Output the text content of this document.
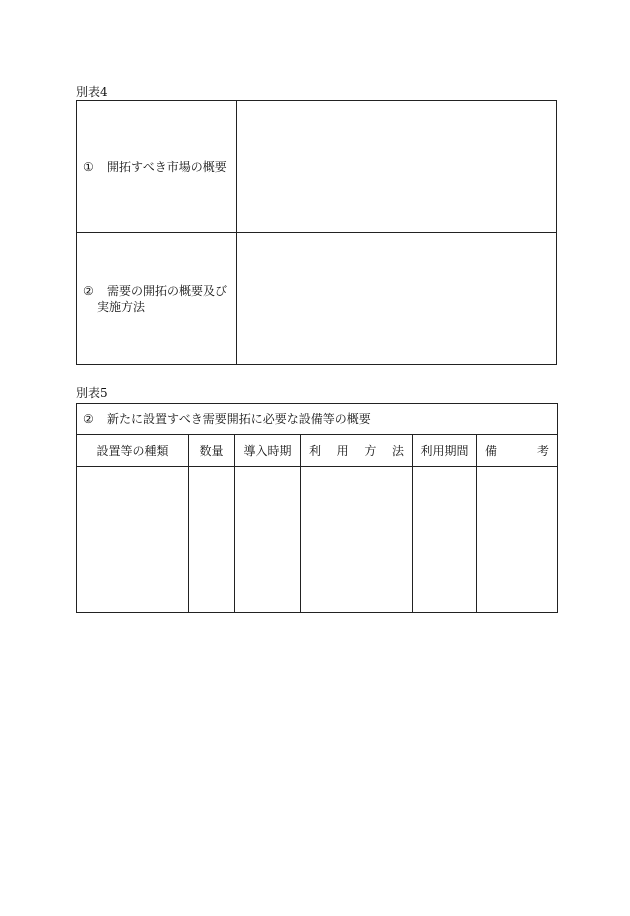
別表4
① 開拓すべき市場の概要	

② 需要の開拓の概要及び
実施方法	

別表5
② 新たに設置すべき需要開拓に必要な設備等の概要					
設置等の種類	数量	導入時期	利 用 方 法	利用期間	備 考
